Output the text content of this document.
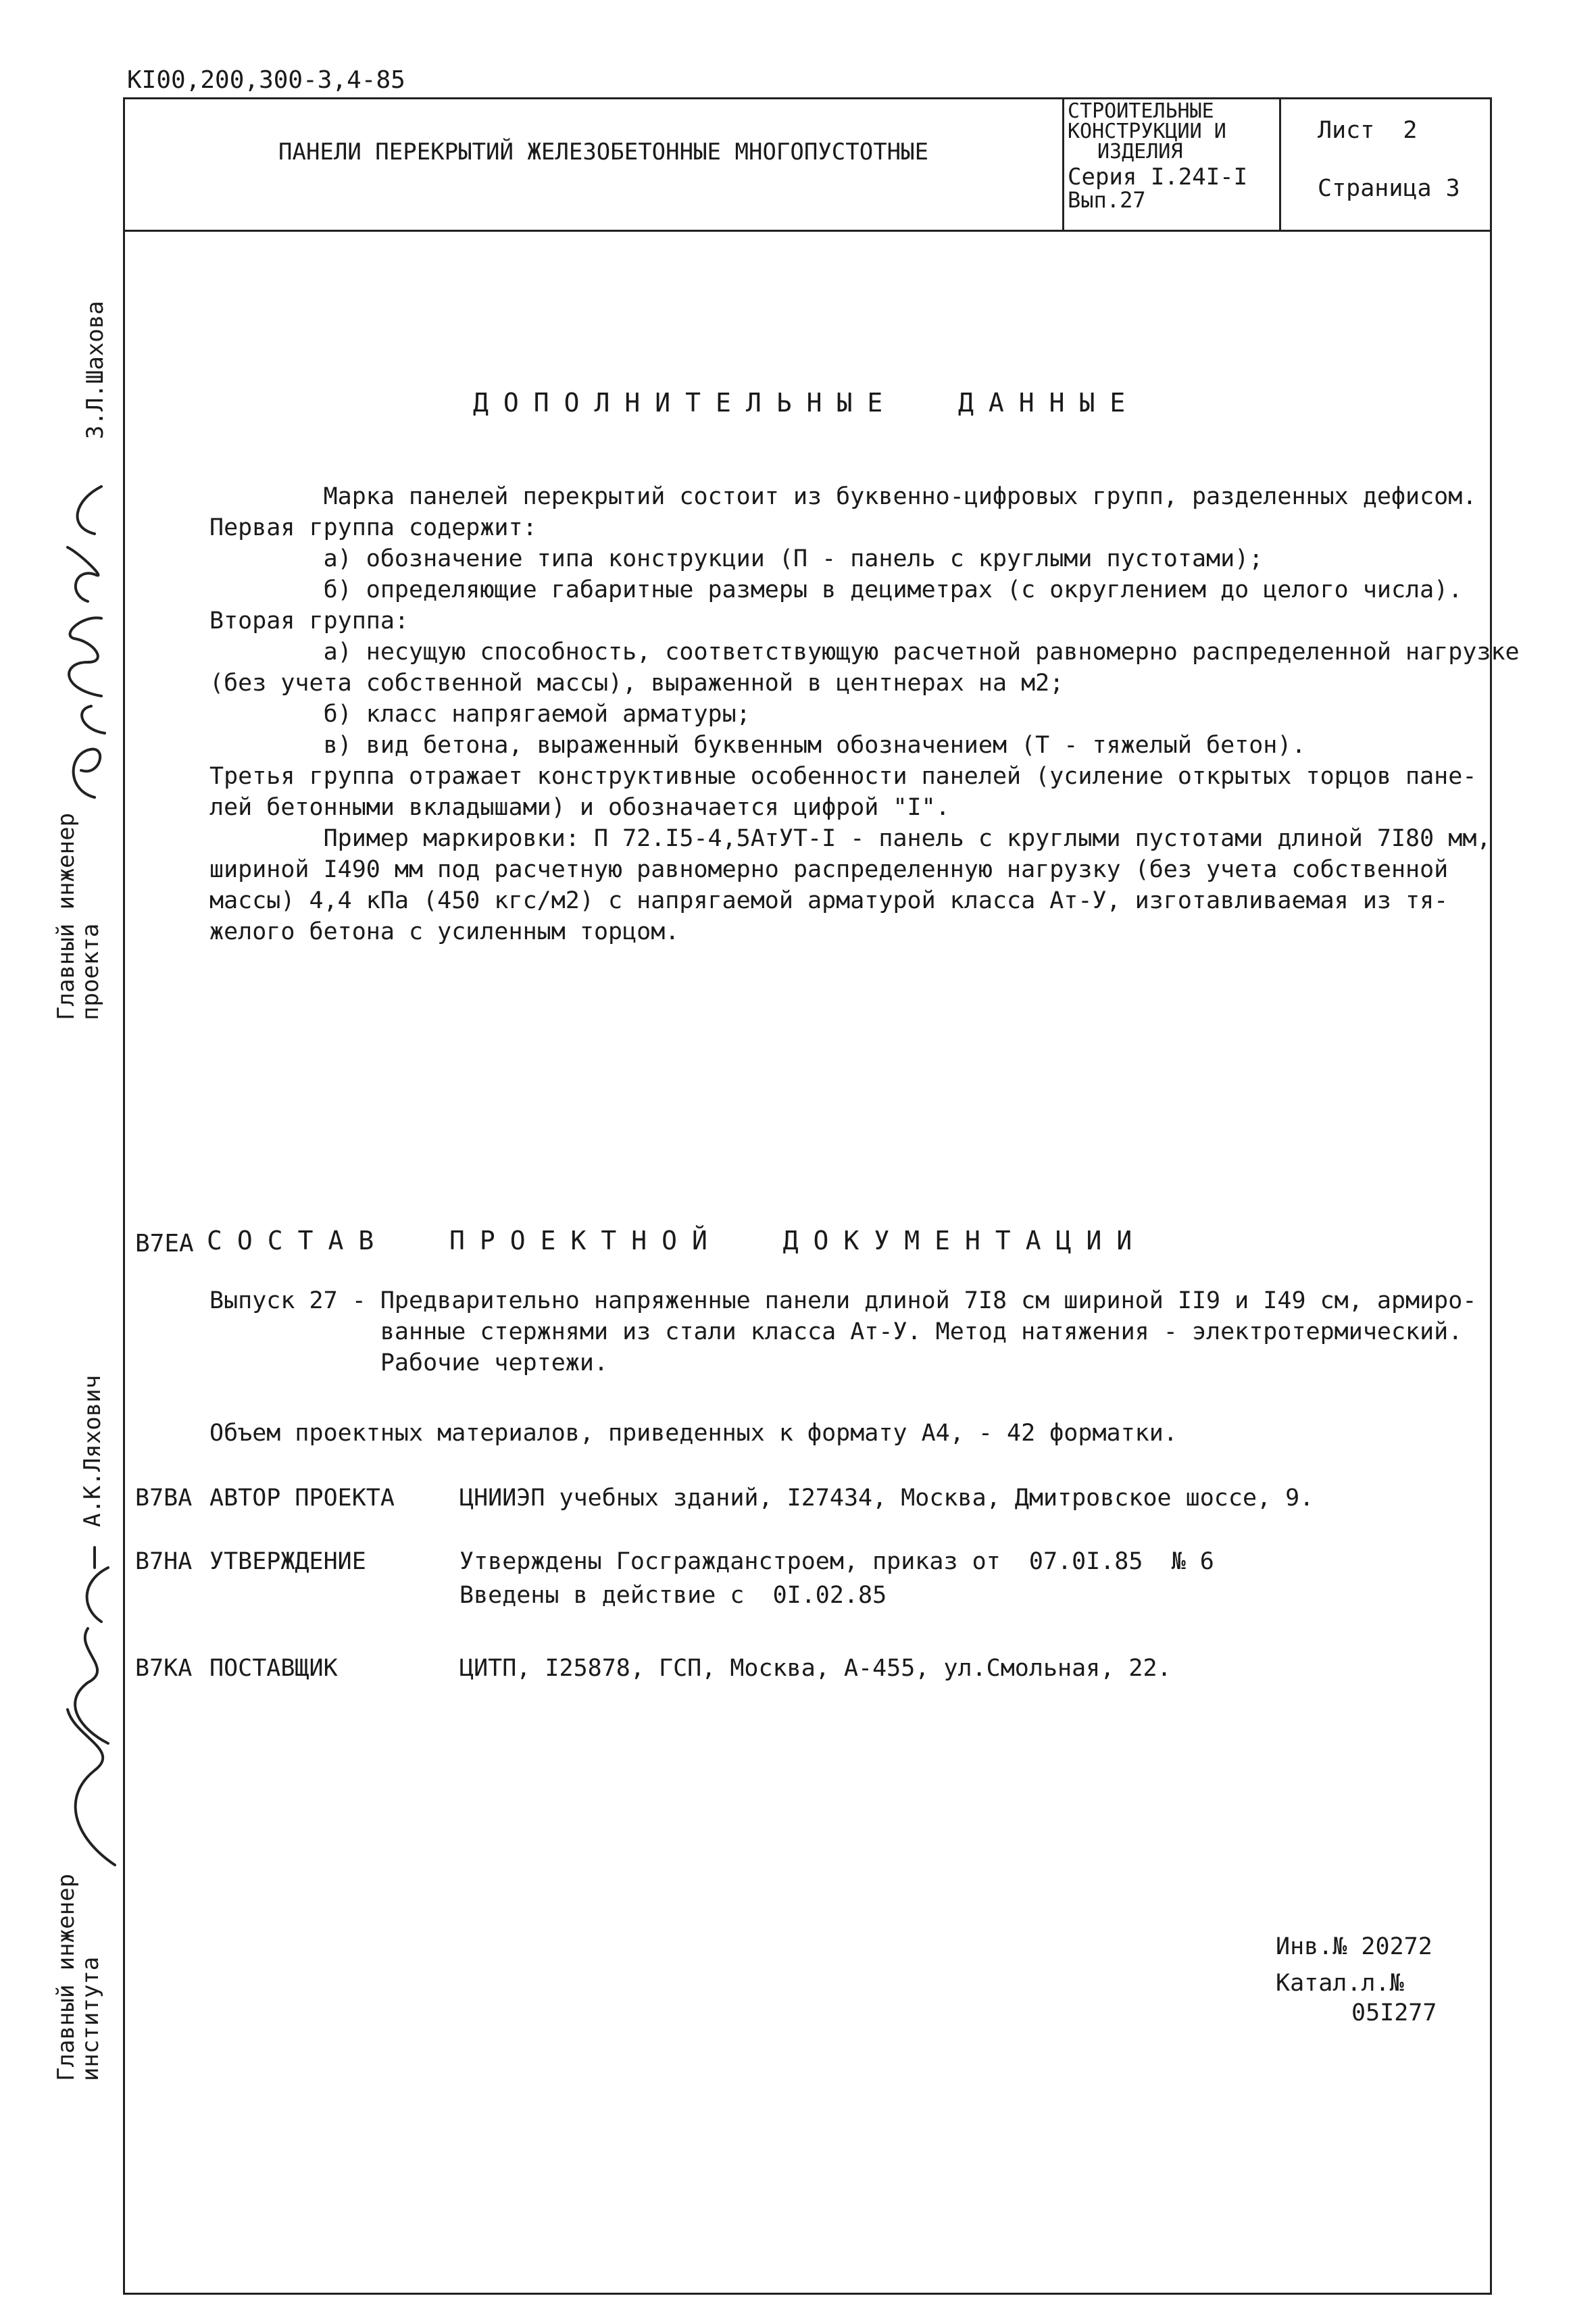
КI00,200,300-3,4-85
ПАНЕЛИ ПЕРЕКРЫТИЙ ЖЕЛЕЗОБЕТОННЫЕ МНОГОПУСТОТНЫЕ
СТРОИТЕЛЬНЫЕ
КОНСТРУКЦИИ И
ИЗДЕЛИЯ
Серия I.24I-I
Вып.27
Лист  2
Страница 3
З.Л.Шахова
Главный инженер
проекта
А.К.Ляхович
Главный инженер
института
ДОПОЛНИТЕЛЬНЫЕ  ДАННЫЕ
Марка панелей перекрытий состоит из буквенно-цифровых групп, разделенных дефисом.
Первая группа содержит:
а) обозначение типа конструкции (П - панель с круглыми пустотами);
б) определяющие габаритные размеры в дециметрах (с округлением до целого числа).
Вторая группа:
а) несущую способность, соответствующую расчетной равномерно распределенной нагрузке
(без учета собственной массы), выраженной в центнерах на м2;
б) класс напрягаемой арматуры;
в) вид бетона, выраженный буквенным обозначением (Т - тяжелый бетон).
Третья группа отражает конструктивные особенности панелей (усиление открытых торцов пане-
лей бетонными вкладышами) и обозначается цифрой "I".
Пример маркировки: П 72.I5-4,5АтУТ-I - панель с круглыми пустотами длиной 7I80 мм,
шириной I490 мм под расчетную равномерно распределенную нагрузку (без учета собственной
массы) 4,4 кПа (450 кгс/м2) с напрягаемой арматурой класса Ат-У, изготавливаемая из тя-
желого бетона с усиленным торцом.
В7ЕА СОСТАВ  ПРОЕКТНОЙ  ДОКУМЕНТАЦИИ
Выпуск 27 - Предварительно напряженные панели длиной 7I8 см шириной II9 и I49 см, армиро-
ванные стержнями из стали класса Ат-У. Метод натяжения - электротермический.
Рабочие чертежи.
Объем проектных материалов, приведенных к формату А4, - 42 форматки.
В7ВА АВТОР ПРОЕКТА	ЦНИИЭП учебных зданий, I27434, Москва, Дмитровское шоссе, 9.
В7НА УТВЕРЖДЕНИЕ	Утверждены Госгражданстроем, приказ от  07.0I.85  № 6
Введены в действие с  0I.02.85
В7КА ПОСТАВЩИК	ЦИТП, I25878, ГСП, Москва, А-455, ул.Смольная, 22.
Инв.№ 20272
Катал.л.№
05I277
